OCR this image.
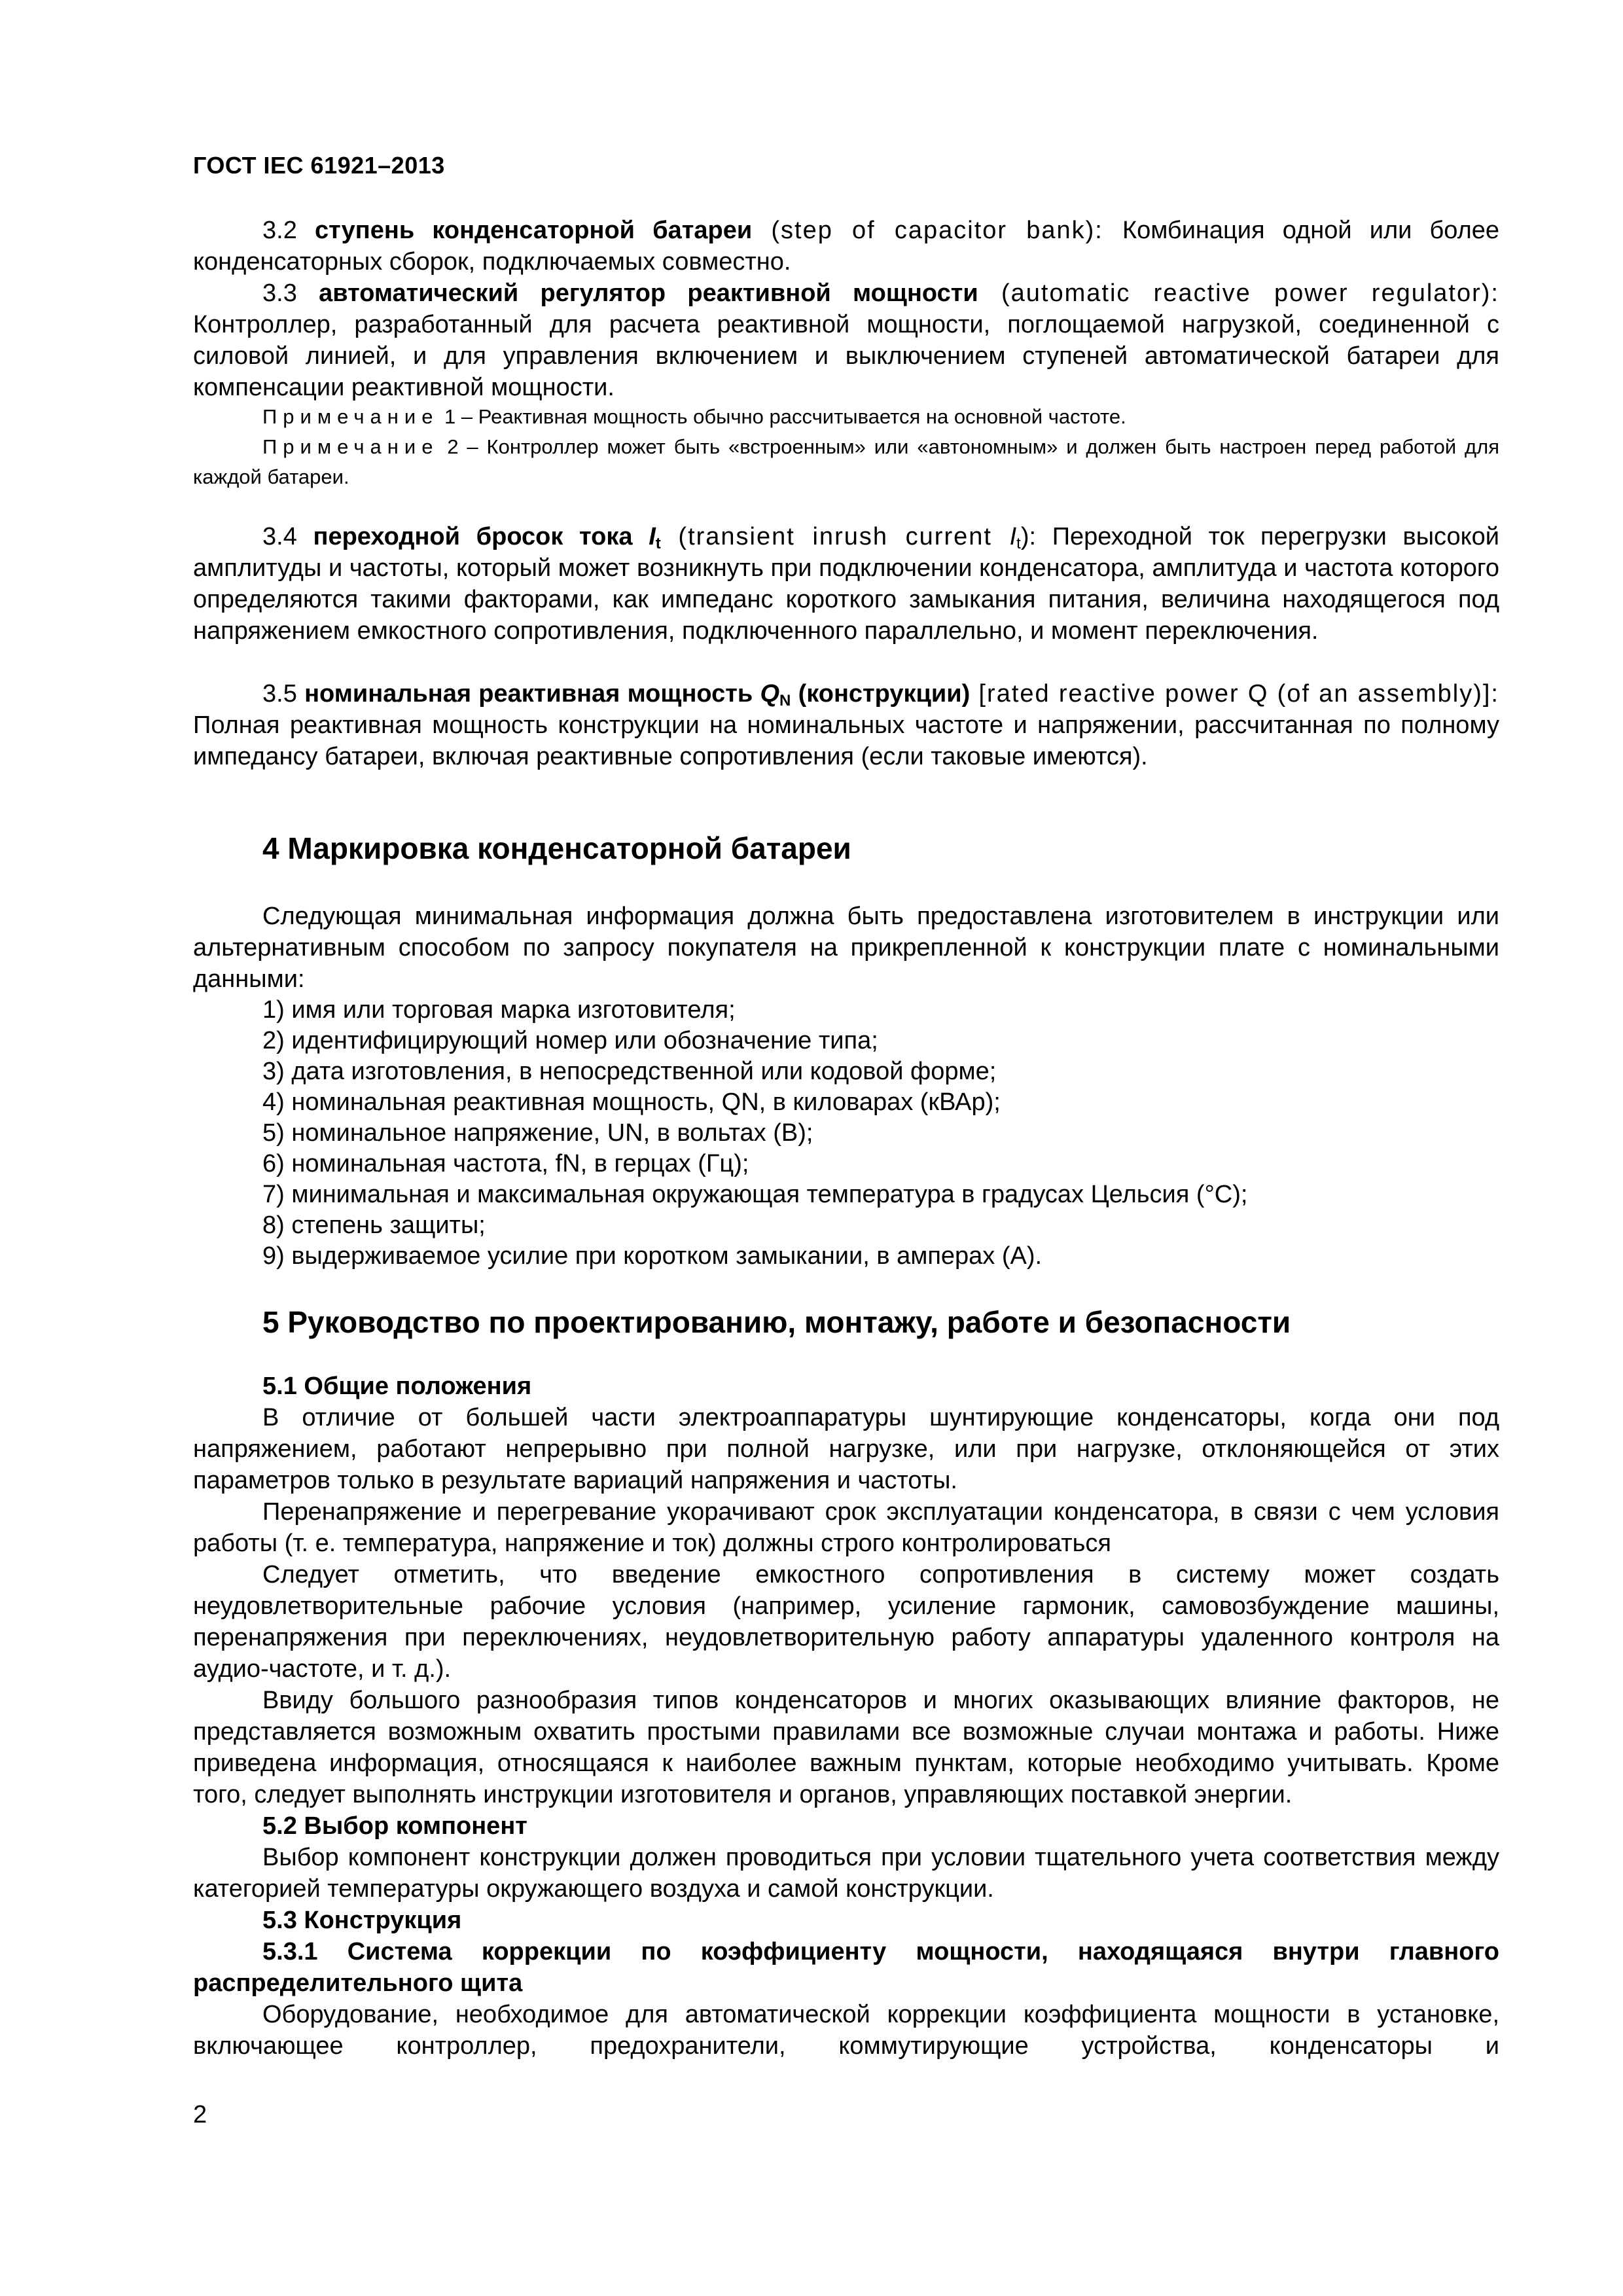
ГОСТ IEC 61921–2013

3.2 ступень конденсаторной батареи (step of capacitor bank): Комбинация одной или более конденсаторных сборок, подключаемых совместно.

3.3 автоматический регулятор реактивной мощности (automatic reactive power regulator): Контроллер, разработанный для расчета реактивной мощности, поглощаемой нагрузкой, соединенной с силовой линией, и для управления включением и выключением ступеней автоматической батареи для компенсации реактивной мощности.

Примечание 1 – Реактивная мощность обычно рассчитывается на основной частоте.

Примечание 2 – Контроллер может быть «встроенным» или «автономным» и должен быть настроен перед работой для каждой батареи.

3.4 переходной бросок тока $I_t$ (transient inrush current $I_t$): Переходной ток перегрузки высокой амплитуды и частоты, который может возникнуть при подключении конденсатора, амплитуда и частота которого определяются такими факторами, как импеданс короткого замыкания питания, величина находящегося под напряжением емкостного сопротивления, подключенного параллельно, и момент переключения.

3.5 номинальная реактивная мощность $Q_N$ (конструкции) [rated reactive power Q (of an assembly)]: Полная реактивная мощность конструкции на номинальных частоте и напряжении, рассчитанная по полному импедансу батареи, включая реактивные сопротивления (если таковые имеются).

4 Маркировка конденсаторной батареи

Следующая минимальная информация должна быть предоставлена изготовителем в инструкции или альтернативным способом по запросу покупателя на прикрепленной к конструкции плате с номинальными данными:

1) имя или торговая марка изготовителя;

2) идентифицирующий номер или обозначение типа;

3) дата изготовления, в непосредственной или кодовой форме;

4) номинальная реактивная мощность, QN, в киловарах (кВАр);

5) номинальное напряжение, UN, в вольтах (В);

6) номинальная частота, fN, в герцах (Гц);

7) минимальная и максимальная окружающая температура в градусах Цельсия (°С);

8) степень защиты;

9) выдерживаемое усилие при коротком замыкании, в амперах (А).

5 Руководство по проектированию, монтажу, работе и безопасности

5.1 Общие положения

В отличие от большей части электроаппаратуры шунтирующие конденсаторы, когда они под напряжением, работают непрерывно при полной нагрузке, или при нагрузке, отклоняющейся от этих параметров только в результате вариаций напряжения и частоты.

Перенапряжение и перегревание укорачивают срок эксплуатации конденсатора, в связи с чем условия работы (т. е. температура, напряжение и ток) должны строго контролироваться

Следует отметить, что введение емкостного сопротивления в систему может создать неудовлетворительные рабочие условия (например, усиление гармоник, самовозбуждение машины, перенапряжения при переключениях, неудовлетворительную работу аппаратуры удаленного контроля на аудио-частоте, и т. д.).

Ввиду большого разнообразия типов конденсаторов и многих оказывающих влияние факторов, не представляется возможным охватить простыми правилами все возможные случаи монтажа и работы. Ниже приведена информация, относящаяся к наиболее важным пунктам, которые необходимо учитывать. Кроме того, следует выполнять инструкции изготовителя и органов, управляющих поставкой энергии.

5.2 Выбор компонент

Выбор компонент конструкции должен проводиться при условии тщательного учета соответствия между категорией температуры окружающего воздуха и самой конструкции.

5.3 Конструкция

5.3.1 Система коррекции по коэффициенту мощности, находящаяся внутри главного распределительного щита

Оборудование, необходимое для автоматической коррекции коэффициента мощности в установке, включающее контроллер, предохранители, коммутирующие устройства, конденсаторы и

2
